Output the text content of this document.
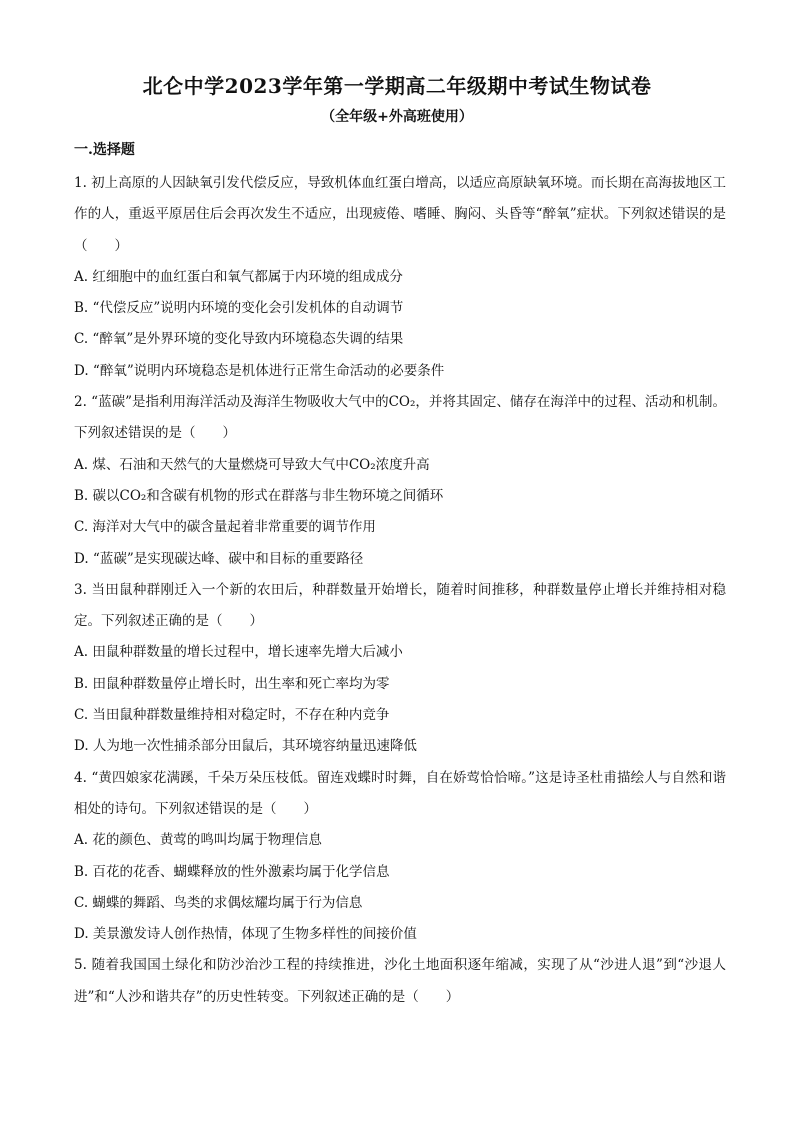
北仑中学2023学年第一学期高二年级期中考试生物试卷
（全年级+外高班使用）
一.选择题

1. 初上高原的人因缺氧引发代偿反应，导致机体血红蛋白增高，以适应高原缺氧环境。而长期在高海拔地区工作的人，重返平原居住后会再次发生不适应，出现疲倦、嗜睡、胸闷、头昏等“醉氧”症状。下列叙述错误的是（　　）

A. 红细胞中的血红蛋白和氧气都属于内环境的组成成分

B. “代偿反应”说明内环境的变化会引发机体的自动调节

C. “醉氧”是外界环境的变化导致内环境稳态失调的结果

D. “醉氧”说明内环境稳态是机体进行正常生命活动的必要条件

2. “蓝碳”是指利用海洋活动及海洋生物吸收大气中的CO₂，并将其固定、储存在海洋中的过程、活动和机制。下列叙述错误的是（　　）

A. 煤、石油和天然气的大量燃烧可导致大气中CO₂浓度升高

B. 碳以CO₂和含碳有机物的形式在群落与非生物环境之间循环

C. 海洋对大气中的碳含量起着非常重要的调节作用

D. “蓝碳”是实现碳达峰、碳中和目标的重要路径

3. 当田鼠种群刚迁入一个新的农田后，种群数量开始增长，随着时间推移，种群数量停止增长并维持相对稳定。下列叙述正确的是（　　）

A. 田鼠种群数量的增长过程中，增长速率先增大后减小

B. 田鼠种群数量停止增长时，出生率和死亡率均为零

C. 当田鼠种群数量维持相对稳定时，不存在种内竞争

D. 人为地一次性捕杀部分田鼠后，其环境容纳量迅速降低

4. “黄四娘家花满蹊，千朵万朵压枝低。留连戏蝶时时舞，自在娇莺恰恰啼。”这是诗圣杜甫描绘人与自然和谐相处的诗句。下列叙述错误的是（　　）

A. 花的颜色、黄莺的鸣叫均属于物理信息

B. 百花的花香、蝴蝶释放的性外激素均属于化学信息

C. 蝴蝶的舞蹈、鸟类的求偶炫耀均属于行为信息

D. 美景激发诗人创作热情，体现了生物多样性的间接价值

5. 随着我国国土绿化和防沙治沙工程的持续推进，沙化土地面积逐年缩减，实现了从“沙进人退”到“沙退人进”和“人沙和谐共存”的历史性转变。下列叙述正确的是（　　）
